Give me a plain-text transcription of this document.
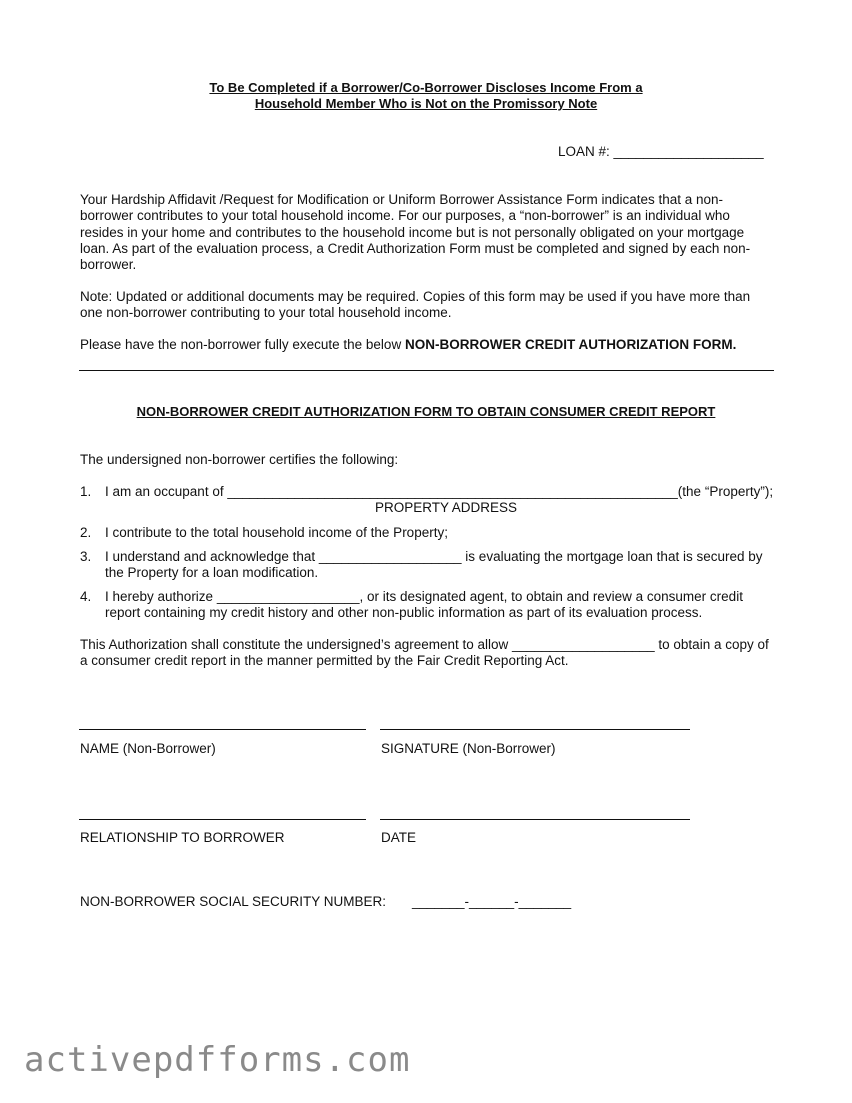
To Be Completed if a Borrower/Co-Borrower Discloses Income From a
Household Member Who is Not on the Promissory Note
LOAN #: ____________________
Your Hardship Affidavit /Request for Modification or Uniform Borrower Assistance Form indicates that a non-borrower contributes to your total household income. For our purposes, a “non-borrower” is an individual who resides in your home and contributes to the household income but is not personally obligated on your mortgage loan. As part of the evaluation process, a Credit Authorization Form must be completed and signed by each non-borrower.
Note: Updated or additional documents may be required. Copies of this form may be used if you have more than one non-borrower contributing to your total household income.
Please have the non-borrower fully execute the below NON-BORROWER CREDIT AUTHORIZATION FORM.
NON-BORROWER CREDIT AUTHORIZATION FORM TO OBTAIN CONSUMER CREDIT REPORT
The undersigned non-borrower certifies the following:
1. I am an occupant of ____________________________________________________________(the “Property”);
PROPERTY ADDRESS
2. I contribute to the total household income of the Property;
3. I understand and acknowledge that ___________________ is evaluating the mortgage loan that is secured by the Property for a loan modification.
4. I hereby authorize ___________________, or its designated agent, to obtain and review a consumer credit report containing my credit history and other non-public information as part of its evaluation process.
This Authorization shall constitute the undersigned’s agreement to allow ___________________ to obtain a copy of a consumer credit report in the manner permitted by the Fair Credit Reporting Act.
NAME (Non-Borrower)	SIGNATURE (Non-Borrower)
RELATIONSHIP TO BORROWER	DATE
NON-BORROWER SOCIAL SECURITY NUMBER: _______-______-_______
activepdfforms.com
